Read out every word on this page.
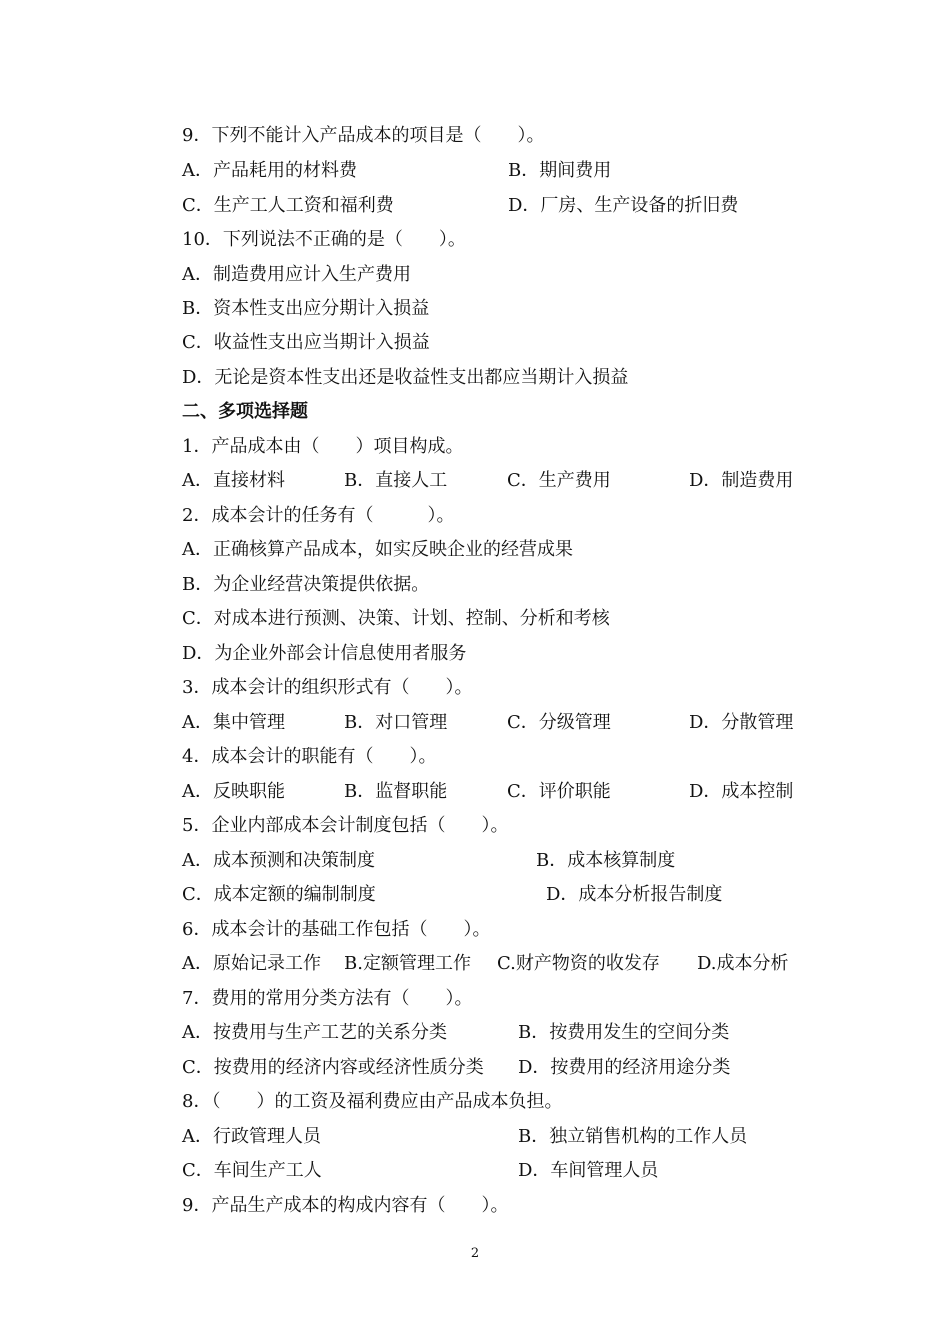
9．下列不能计入产品成本的项目是（　　）。
A．产品耗用的材料费	B．期间费用
C．生产工人工资和福利费	D．厂房、生产设备的折旧费
10．下列说法不正确的是（　　）。
A．制造费用应计入生产费用
B．资本性支出应分期计入损益
C．收益性支出应当期计入损益
D．无论是资本性支出还是收益性支出都应当期计入损益
二、多项选择题
1．产品成本由（　　）项目构成。
A．直接材料	B．直接人工	C．生产费用	D．制造费用
2．成本会计的任务有（　　　）。
A．正确核算产品成本，如实反映企业的经营成果
B．为企业经营决策提供依据。
C．对成本进行预测、决策、计划、控制、分析和考核
D．为企业外部会计信息使用者服务
3．成本会计的组织形式有（　　）。
A．集中管理	B．对口管理	C．分级管理	D．分散管理
4．成本会计的职能有（　　）。
A．反映职能	B．监督职能	C．评价职能	D．成本控制
5．企业内部成本会计制度包括（　　）。
A．成本预测和决策制度	B．成本核算制度
C．成本定额的编制制度	D．成本分析报告制度
6．成本会计的基础工作包括（　　）。
A．原始记录工作 B.定额管理工作 C.财产物资的收发存 D.成本分析
7．费用的常用分类方法有（　　）。
A．按费用与生产工艺的关系分类	B．按费用发生的空间分类
C．按费用的经济内容或经济性质分类 D．按费用的经济用途分类
8．（　　）的工资及福利费应由产品成本负担。
A．行政管理人员	B．独立销售机构的工作人员
C．车间生产工人	D．车间管理人员
9．产品生产成本的构成内容有（　　）。
2
